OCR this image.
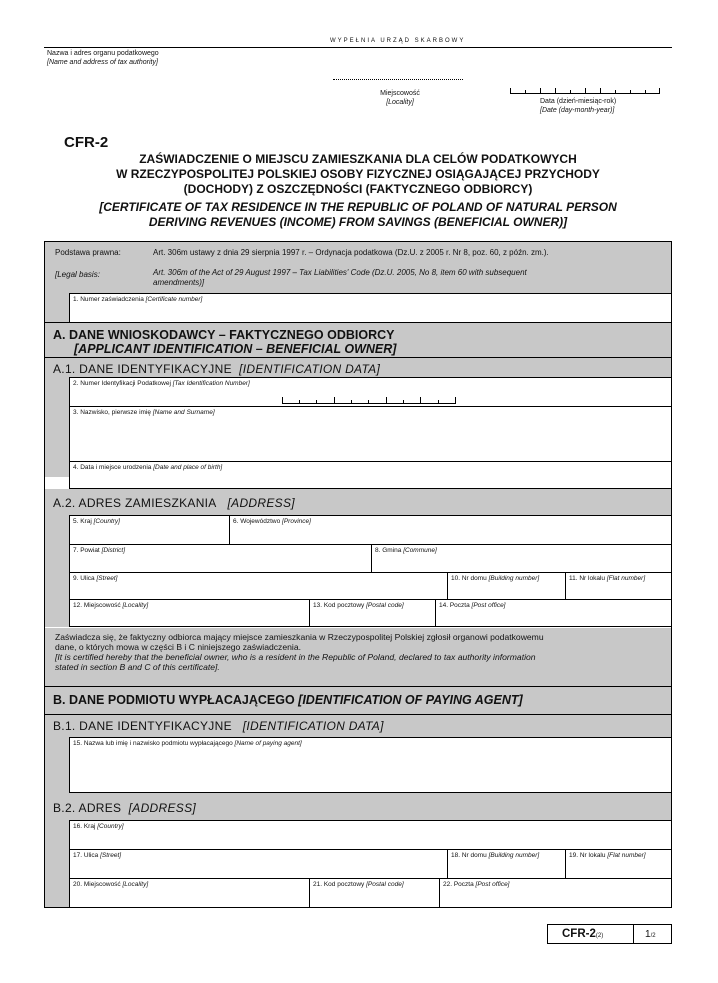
WYPEŁNIA URZĄD SKARBOWY
Nazwa i adres organu podatkowego
[Name and address of tax authority]
Miejscowość
[Locality]	Data (dzień-miesiąc-rok)
[Date (day-month-year)]
CFR-2
ZAŚWIADCZENIE O MIEJSCU ZAMIESZKANIA DLA CELÓW PODATKOWYCH
W RZECZYPOSPOLITEJ POLSKIEJ OSOBY FIZYCZNEJ OSIĄGAJĄCEJ PRZYCHODY
(DOCHODY) Z OSZCZĘDNOŚCI (FAKTYCZNEGO ODBIORCY)
[CERTIFICATE OF TAX RESIDENCE IN THE REPUBLIC OF POLAND OF NATURAL PERSON
DERIVING REVENUES (INCOME) FROM SAVINGS (BENEFICIAL OWNER)]
Podstawa prawna:	Art. 306m ustawy z dnia 29 sierpnia 1997 r. – Ordynacja podatkowa (Dz.U. z 2005 r. Nr 8, poz. 60, z późn. zm.).
[Legal basis:	Art. 306m of the Act of 29 August 1997 – Tax Liabilities' Code (Dz.U. 2005, No 8, item 60 with subsequent
amendments)]
1. Numer zaświadczenia [Certificate number]
A. DANE WNIOSKODAWCY – FAKTYCZNEGO ODBIORCY
[APPLICANT IDENTIFICATION – BENEFICIAL OWNER]
A.1. DANE IDENTYFIKACYJNE [IDENTIFICATION DATA]
2. Numer Identyfikacji Podatkowej [Tax Identification Number]
3. Nazwisko, pierwsze imię [Name and Surname]
4. Data i miejsce urodzenia [Date and place of birth]
A.2. ADRES ZAMIESZKANIA [ADDRESS]
5. Kraj [Country]	6. Województwo [Province]
7. Powiat [District]	8. Gmina [Commune]
9. Ulica [Street]	10. Nr domu [Building number]	11. Nr lokalu [Flat number]
12. Miejscowość [Locality]	13. Kod pocztowy [Postal code]	14. Poczta [Post office]
Zaświadcza się, że faktyczny odbiorca mający miejsce zamieszkania w Rzeczypospolitej Polskiej zgłosił organowi podatkowemu
dane, o których mowa w części B i C niniejszego zaświadczenia.
[It is certified hereby that the beneficial owner, who is a resident in the Republic of Poland, declared to tax authority information
stated in section B and C of this certificate].
B. DANE PODMIOTU WYPŁACAJĄCEGO [IDENTIFICATION OF PAYING AGENT]
B.1. DANE IDENTYFIKACYJNE [IDENTIFICATION DATA]
15. Nazwa lub imię i nazwisko podmiotu wypłacającego [Name of paying agent]
B.2. ADRES [ADDRESS]
16. Kraj [Country]
17. Ulica [Street]	18. Nr domu [Building number]	19. Nr lokalu [Flat number]
20. Miejscowość [Locality]	21. Kod pocztowy [Postal code]	22. Poczta [Post office]
CFR-2(2)	1/2
